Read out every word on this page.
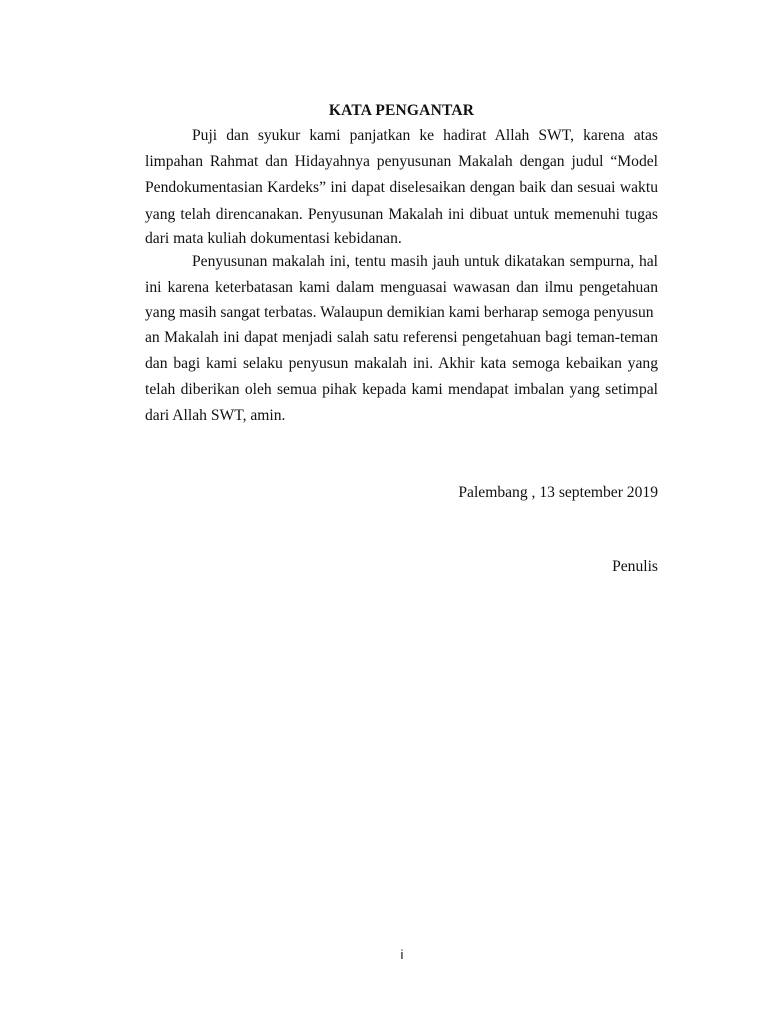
KATA PENGANTAR
Puji dan syukur kami panjatkan ke hadirat Allah SWT, karena atas
limpahan Rahmat dan Hidayahnya penyusunan Makalah dengan judul “Model
Pendokumentasian Kardeks” ini dapat diselesaikan dengan baik dan sesuai waktu
yang telah direncanakan. Penyusunan Makalah ini dibuat untuk memenuhi tugas
dari mata kuliah dokumentasi kebidanan.
Penyusunan makalah ini, tentu masih jauh untuk dikatakan sempurna, hal
ini karena keterbatasan kami dalam menguasai wawasan dan ilmu pengetahuan
yang masih sangat terbatas. Walaupun demikian kami berharap semoga penyusun
an Makalah ini dapat menjadi salah satu referensi pengetahuan bagi teman-teman
dan bagi kami selaku penyusun makalah ini. Akhir kata semoga kebaikan yang
telah diberikan oleh semua pihak kepada kami mendapat imbalan yang setimpal
dari Allah SWT, amin.
Palembang , 13 september 2019
Penulis
i
